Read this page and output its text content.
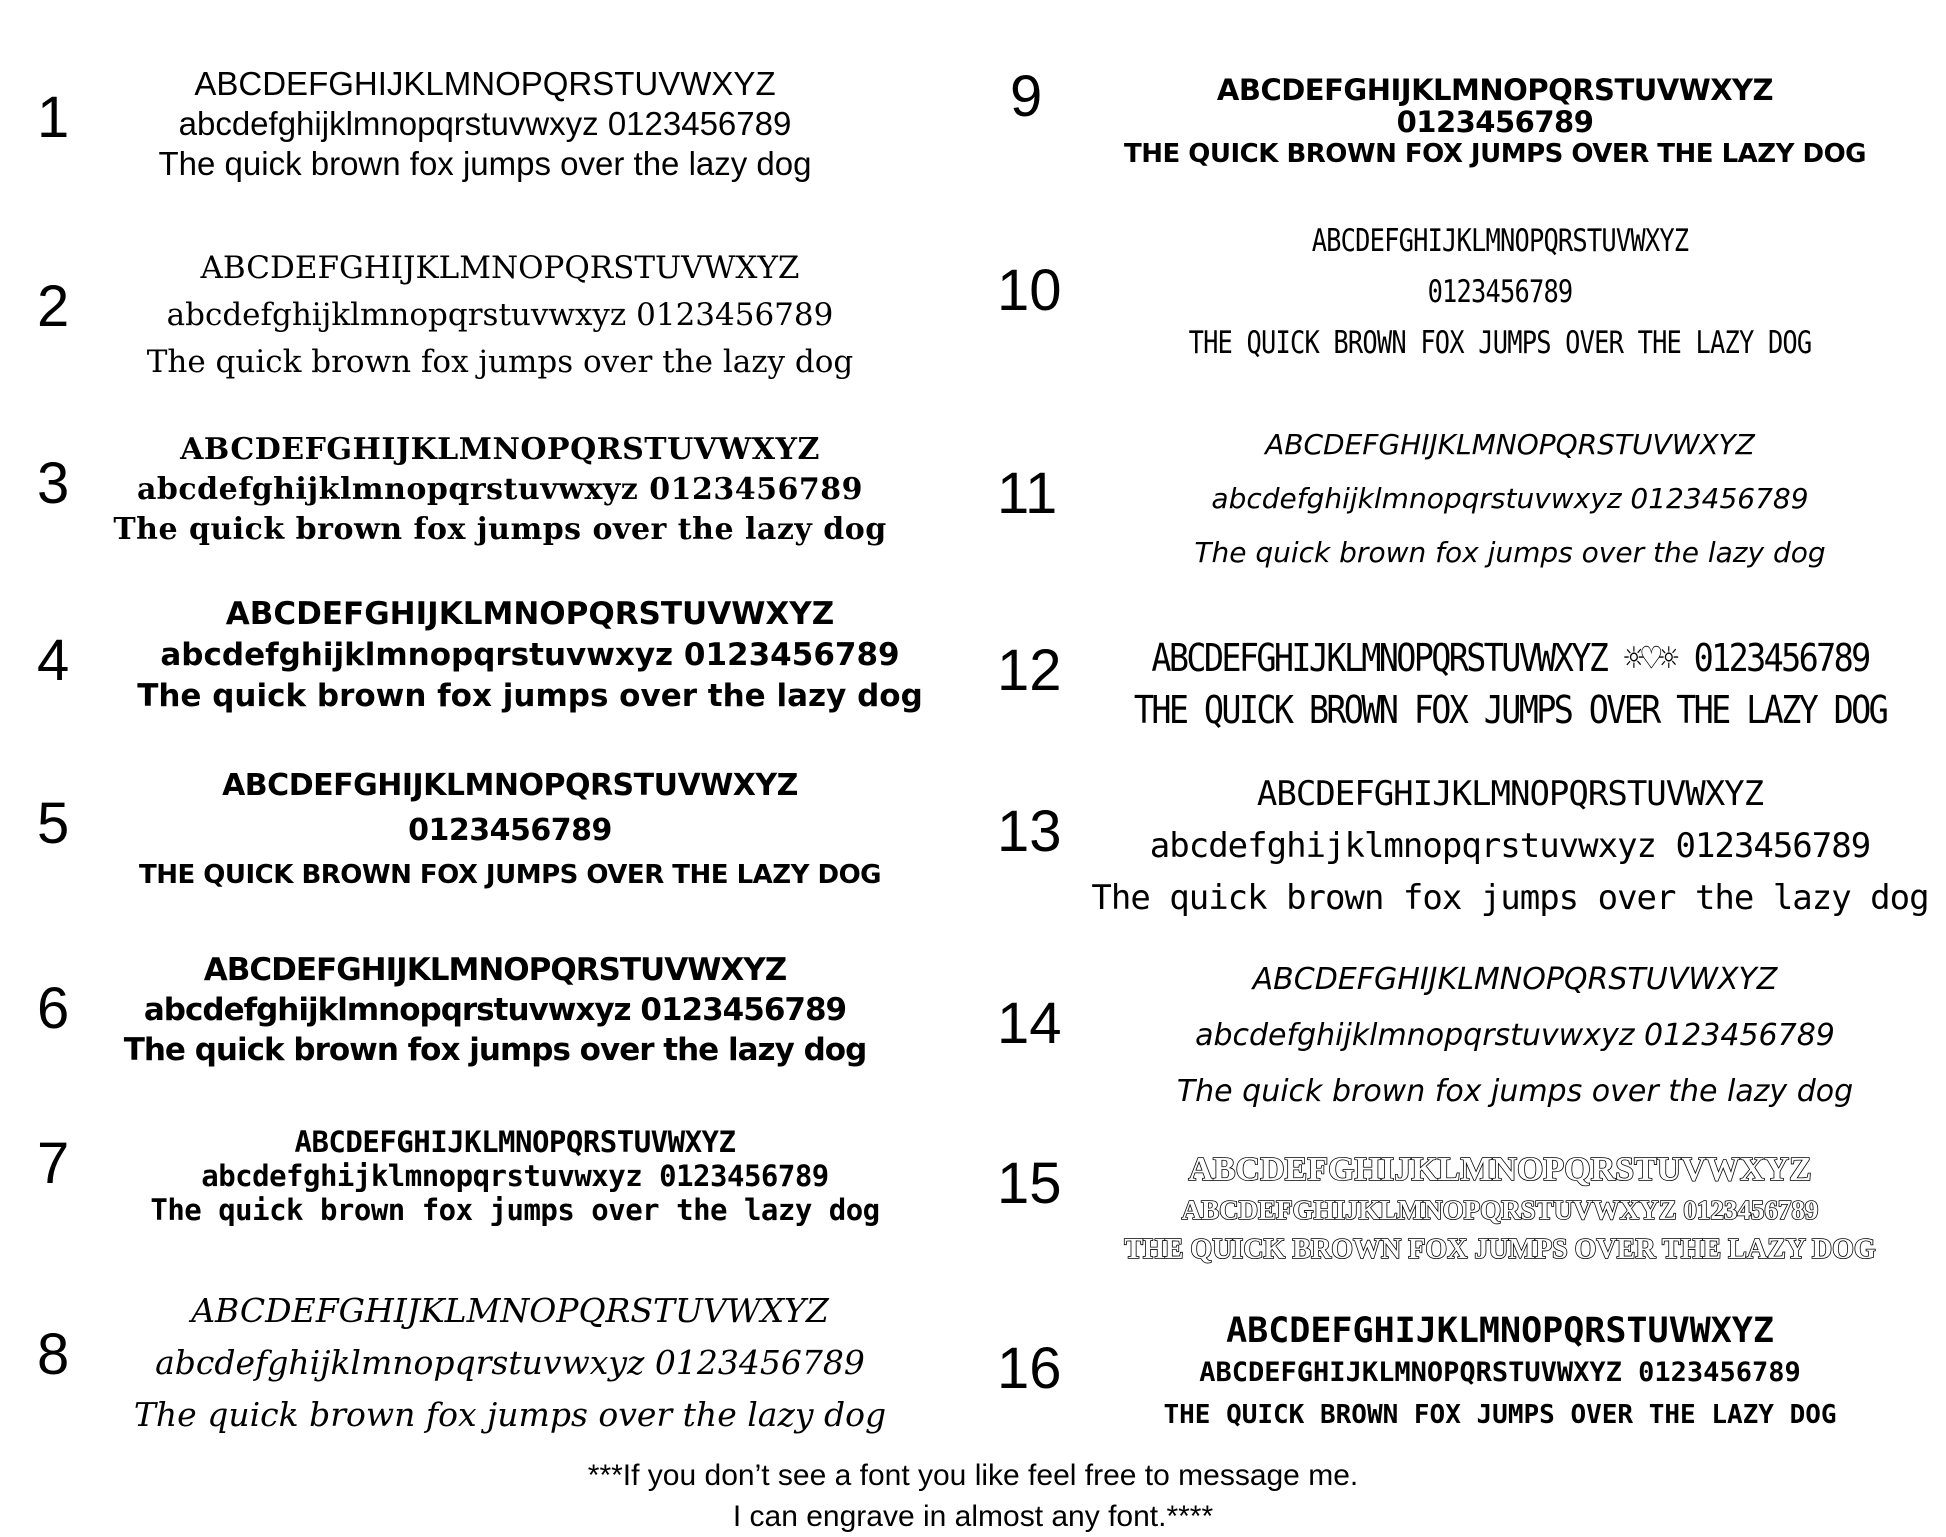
1
ABCDEFGHIJKLMNOPQRSTUVWXYZ
abcdefghijklmnopqrstuvwxyz 0123456789
The quick brown fox jumps over the lazy dog
2
ABCDEFGHIJKLMNOPQRSTUVWXYZ
abcdefghijklmnopqrstuvwxyz 0123456789
The quick brown fox jumps over the lazy dog
3
ABCDEFGHIJKLMNOPQRSTUVWXYZ
abcdefghijklmnopqrstuvwxyz 0123456789
The quick brown fox jumps over the lazy dog
4
ABCDEFGHIJKLMNOPQRSTUVWXYZ
abcdefghijklmnopqrstuvwxyz 0123456789
The quick brown fox jumps over the lazy dog
5
ABCDEFGHIJKLMNOPQRSTUVWXYZ
0123456789
THE QUICK BROWN FOX JUMPS OVER THE LAZY DOG
6
ABCDEFGHIJKLMNOPQRSTUVWXYZ
abcdefghijklmnopqrstuvwxyz 0123456789
The quick brown fox jumps over the lazy dog
7	ABCDEFGHIJKLMNOPQRSTUVWXYZ
abcdefghijklmnopqrstuvwxyz 0123456789
The quick brown fox jumps over the lazy dog
8
ABCDEFGHIJKLMNOPQRSTUVWXYZ
abcdefghijklmnopqrstuvwxyz 0123456789
The quick brown fox jumps over the lazy dog
9	ABCDEFGHIJKLMNOPQRSTUVWXYZ
0123456789
THE QUICK BROWN FOX JUMPS OVER THE LAZY DOG
10
ABCDEFGHIJKLMNOPQRSTUVWXYZ
0123456789
THE QUICK BROWN FOX JUMPS OVER THE LAZY DOG
11
ABCDEFGHIJKLMNOPQRSTUVWXYZ
abcdefghijklmnopqrstuvwxyz 0123456789
The quick brown fox jumps over the lazy dog
12	ABCDEFGHIJKLMNOPQRSTUVWXYZ ☼♡☼ 0123456789
THE QUICK BROWN FOX JUMPS OVER THE LAZY DOG
13
ABCDEFGHIJKLMNOPQRSTUVWXYZ
abcdefghijklmnopqrstuvwxyz 0123456789
The quick brown fox jumps over the lazy dog
14
ABCDEFGHIJKLMNOPQRSTUVWXYZ
abcdefghijklmnopqrstuvwxyz 0123456789
The quick brown fox jumps over the lazy dog
15	ABCDEFGHIJKLMNOPQRSTUVWXYZ
ABCDEFGHIJKLMNOPQRSTUVWXYZ 0123456789
THE QUICK BROWN FOX JUMPS OVER THE LAZY DOG
16
ABCDEFGHIJKLMNOPQRSTUVWXYZ
ABCDEFGHIJKLMNOPQRSTUVWXYZ 0123456789
THE QUICK BROWN FOX JUMPS OVER THE LAZY DOG
***If you don’t see a font you like feel free to message me.
I can engrave in almost any font.****
